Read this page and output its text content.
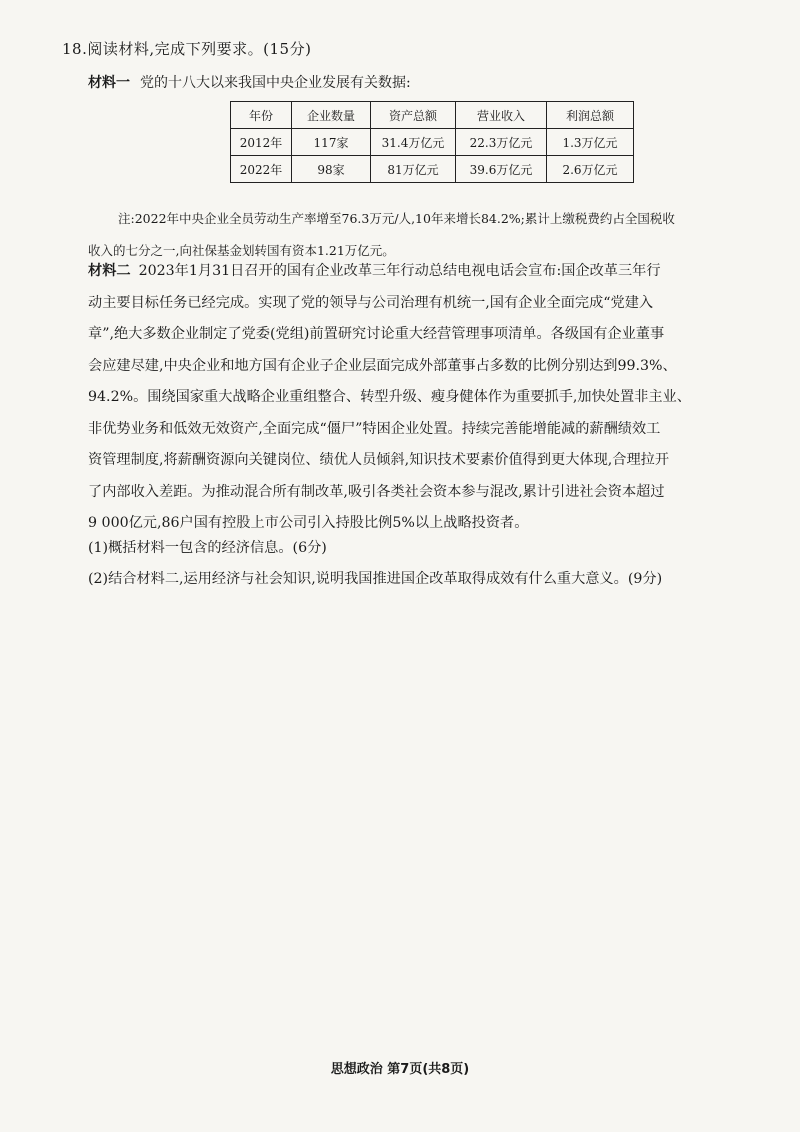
18.阅读材料,完成下列要求。(15分)
材料一 党的十八大以来我国中央企业发展有关数据:
年份	企业数量	资产总额	营业收入	利润总额
2012年	117家	31.4万亿元	22.3万亿元	1.3万亿元
2022年	98家	81万亿元	39.6万亿元	2.6万亿元
注:2022年中央企业全员劳动生产率增至76.3万元/人,10年来增长84.2%;累计上缴税费约占全国税收
收入的七分之一,向社保基金划转国有资本1.21万亿元。
材料二 2023年1月31日召开的国有企业改革三年行动总结电视电话会宣布:国企改革三年行
动主要目标任务已经完成。实现了党的领导与公司治理有机统一,国有企业全面完成“党建入
章”,绝大多数企业制定了党委(党组)前置研究讨论重大经营管理事项清单。各级国有企业董事
会应建尽建,中央企业和地方国有企业子企业层面完成外部董事占多数的比例分别达到99.3%、
94.2%。围绕国家重大战略企业重组整合、转型升级、瘦身健体作为重要抓手,加快处置非主业、
非优势业务和低效无效资产,全面完成“僵尸”特困企业处置。持续完善能增能减的薪酬绩效工
资管理制度,将薪酬资源向关键岗位、绩优人员倾斜,知识技术要素价值得到更大体现,合理拉开
了内部收入差距。为推动混合所有制改革,吸引各类社会资本参与混改,累计引进社会资本超过
9 000亿元,86户国有控股上市公司引入持股比例5%以上战略投资者。
(1)概括材料一包含的经济信息。(6分)
(2)结合材料二,运用经济与社会知识,说明我国推进国企改革取得成效有什么重大意义。(9分)
思想政治 第7页(共8页)
